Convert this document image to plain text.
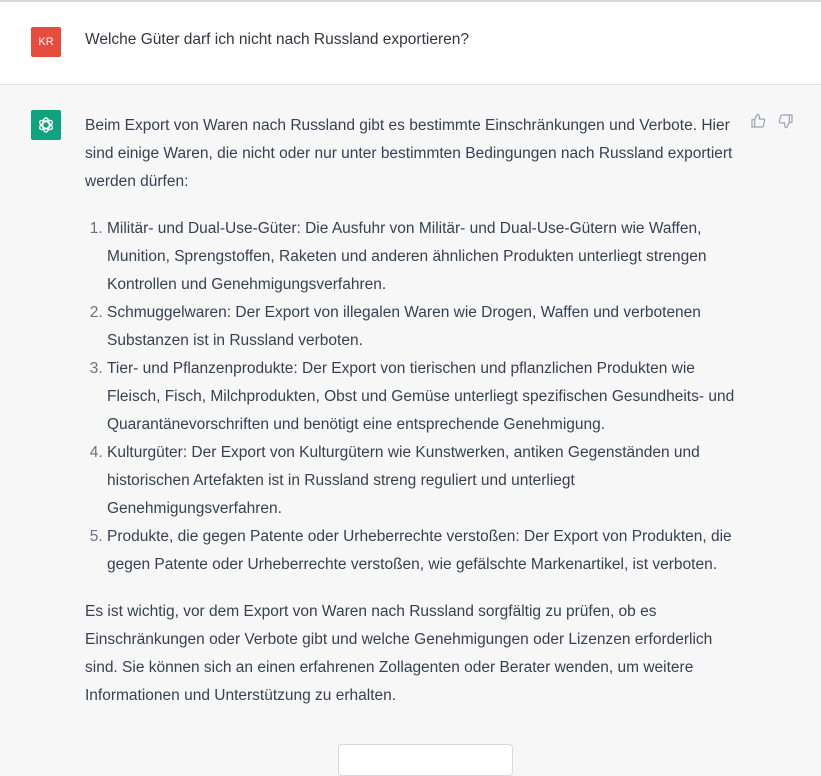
KR Welche Güter darf ich nicht nach Russland exportieren?

Beim Export von Waren nach Russland gibt es bestimmte Einschränkungen und Verbote. Hier sind einige Waren, die nicht oder nur unter bestimmten Bedingungen nach Russland exportiert werden dürfen:

1. Militär- und Dual-Use-Güter: Die Ausfuhr von Militär- und Dual-Use-Gütern wie Waffen, Munition, Sprengstoffen, Raketen und anderen ähnlichen Produkten unterliegt strengen Kontrollen und Genehmigungsverfahren.
2. Schmuggelwaren: Der Export von illegalen Waren wie Drogen, Waffen und verbotenen Substanzen ist in Russland verboten.
3. Tier- und Pflanzenprodukte: Der Export von tierischen und pflanzlichen Produkten wie Fleisch, Fisch, Milchprodukten, Obst und Gemüse unterliegt spezifischen Gesundheits- und Quarantänevorschriften und benötigt eine entsprechende Genehmigung.
4. Kulturgüter: Der Export von Kulturgütern wie Kunstwerken, antiken Gegenständen und historischen Artefakten ist in Russland streng reguliert und unterliegt Genehmigungsverfahren.
5. Produkte, die gegen Patente oder Urheberrechte verstoßen: Der Export von Produkten, die gegen Patente oder Urheberrechte verstoßen, wie gefälschte Markenartikel, ist verboten.

Es ist wichtig, vor dem Export von Waren nach Russland sorgfältig zu prüfen, ob es Einschränkungen oder Verbote gibt und welche Genehmigungen oder Lizenzen erforderlich sind. Sie können sich an einen erfahrenen Zollagenten oder Berater wenden, um weitere Informationen und Unterstützung zu erhalten.
